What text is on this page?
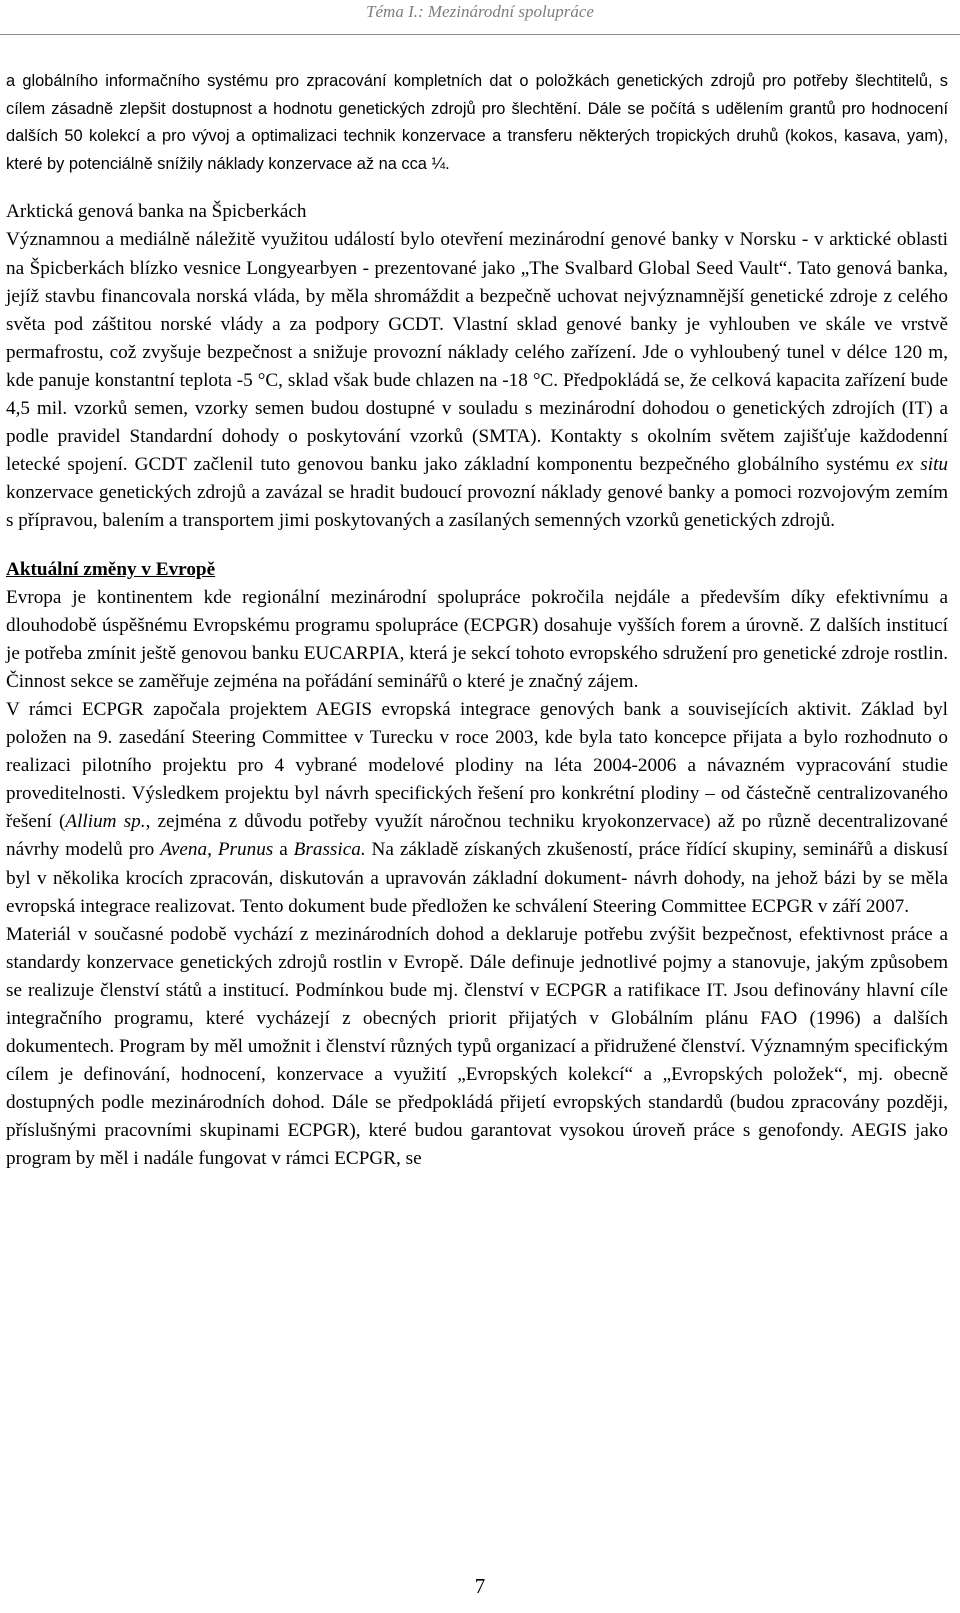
Téma I.: Mezinárodní spolupráce

a globálního informačního systému pro zpracování kompletních dat o položkách genetických zdrojů pro potřeby šlechtitelů, s cílem zásadně zlepšit dostupnost a hodnotu genetických zdrojů pro šlechtění. Dále se počítá s udělením grantů pro hodnocení dalších 50 kolekcí a pro vývoj a optimalizaci technik konzervace a transferu některých tropických druhů (kokos, kasava, yam), které by potenciálně snížily náklady konzervace až na cca ¼.

Arktická genová banka na Špicberkách

Významnou a mediálně náležitě využitou událostí bylo otevření mezinárodní genové banky v Norsku - v arktické oblasti na Špicberkách blízko vesnice Longyearbyen - prezentované jako „The Svalbard Global Seed Vault“. Tato genová banka, jejíž stavbu financovala norská vláda, by měla shromáždit a bezpečně uchovat nejvýznamnější genetické zdroje z celého světa pod záštitou norské vlády a za podpory GCDT. Vlastní sklad genové banky je vyhlouben ve skále ve vrstvě permafrostu, což zvyšuje bezpečnost a snižuje provozní náklady celého zařízení. Jde o vyhloubený tunel v délce 120 m, kde panuje konstantní teplota -5 °C, sklad však bude chlazen na -18 °C. Předpokládá se, že celková kapacita zařízení bude 4,5 mil. vzorků semen, vzorky semen budou dostupné v souladu s mezinárodní dohodou o genetických zdrojích (IT) a podle pravidel Standardní dohody o poskytování vzorků (SMTA). Kontakty s okolním světem zajišťuje každodenní letecké spojení. GCDT začlenil tuto genovou banku jako základní komponentu bezpečného globálního systému ex situ konzervace genetických zdrojů a zavázal se hradit budoucí provozní náklady genové banky a pomoci rozvojovým zemím s přípravou, balením a transportem jimi poskytovaných a zasílaných semenných vzorků genetických zdrojů.

Aktuální změny v Evropě

Evropa je kontinentem kde regionální mezinárodní spolupráce pokročila nejdále a především díky efektivnímu a dlouhodobě úspěšnému Evropskému programu spolupráce (ECPGR) dosahuje vyšších forem a úrovně. Z dalších institucí je potřeba zmínit ještě genovou banku EUCARPIA, která je sekcí tohoto evropského sdružení pro genetické zdroje rostlin. Činnost sekce se zaměřuje zejména na pořádání seminářů o které je značný zájem.

V rámci ECPGR započala projektem AEGIS evropská integrace genových bank a souvisejících aktivit. Základ byl položen na 9. zasedání Steering Committee v Turecku v roce 2003, kde byla tato koncepce přijata a bylo rozhodnuto o realizaci pilotního projektu pro 4 vybrané modelové plodiny na léta 2004-2006 a návazném vypracování studie proveditelnosti. Výsledkem projektu byl návrh specifických řešení pro konkrétní plodiny – od částečně centralizovaného řešení (Allium sp., zejména z důvodu potřeby využít náročnou techniku kryokonzervace) až po různě decentralizované návrhy modelů pro Avena, Prunus a Brassica. Na základě získaných zkušeností, práce řídící skupiny, seminářů a diskusí byl v několika krocích zpracován, diskutován a upravován základní dokument- návrh dohody, na jehož bázi by se měla evropská integrace realizovat. Tento dokument bude předložen ke schválení Steering Committee ECPGR v září 2007.

Materiál v současné podobě vychází z mezinárodních dohod a deklaruje potřebu zvýšit bezpečnost, efektivnost práce a standardy konzervace genetických zdrojů rostlin v Evropě. Dále definuje jednotlivé pojmy a stanovuje, jakým způsobem se realizuje členství států a institucí. Podmínkou bude mj. členství v ECPGR a ratifikace IT. Jsou definovány hlavní cíle integračního programu, které vycházejí z obecných priorit přijatých v Globálním plánu FAO (1996) a dalších dokumentech. Program by měl umožnit i členství různých typů organizací a přidružené členství. Významným specifickým cílem je definování, hodnocení, konzervace a využití „Evropských kolekcí“ a „Evropských položek“, mj. obecně dostupných podle mezinárodních dohod. Dále se předpokládá přijetí evropských standardů (budou zpracovány později, příslušnými pracovními skupinami ECPGR), které budou garantovat vysokou úroveň práce s genofondy. AEGIS jako program by měl i nadále fungovat v rámci ECPGR, se

7
